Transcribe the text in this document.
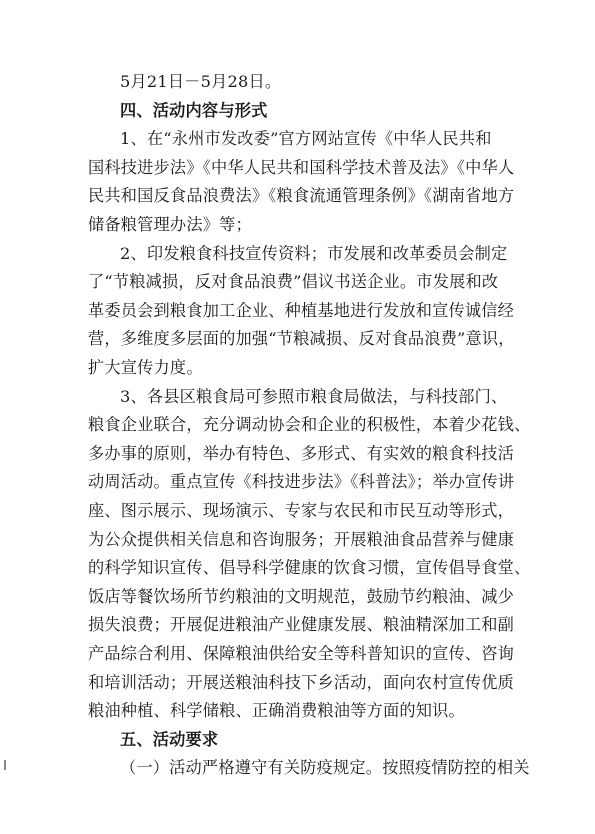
5月21日－5月28日。
四、活动内容与形式
1、在“永州市发改委”官方网站宣传《中华人民共和
国科技进步法》《中华人民共和国科学技术普及法》《中华人
民共和国反食品浪费法》《粮食流通管理条例》《湖南省地方
储备粮管理办法》等；
2、印发粮食科技宣传资料；市发展和改革委员会制定
了“节粮减损，反对食品浪费”倡议书送企业。市发展和改
革委员会到粮食加工企业、种植基地进行发放和宣传诚信经
营，多维度多层面的加强“节粮减损、反对食品浪费”意识，
扩大宣传力度。
3、各县区粮食局可参照市粮食局做法，与科技部门、
粮食企业联合，充分调动协会和企业的积极性，本着少花钱、
多办事的原则，举办有特色、多形式、有实效的粮食科技活
动周活动。重点宣传《科技进步法》《科普法》；举办宣传讲
座、图示展示、现场演示、专家与农民和市民互动等形式，
为公众提供相关信息和咨询服务；开展粮油食品营养与健康
的科学知识宣传、倡导科学健康的饮食习惯，宣传倡导食堂、
饭店等餐饮场所节约粮油的文明规范，鼓励节约粮油、减少
损失浪费；开展促进粮油产业健康发展、粮油精深加工和副
产品综合利用、保障粮油供给安全等科普知识的宣传、咨询
和培训活动；开展送粮油科技下乡活动，面向农村宣传优质
粮油种植、科学储粮、正确消费粮油等方面的知识。
五、活动要求
（一）活动严格遵守有关防疫规定。按照疫情防控的相关
